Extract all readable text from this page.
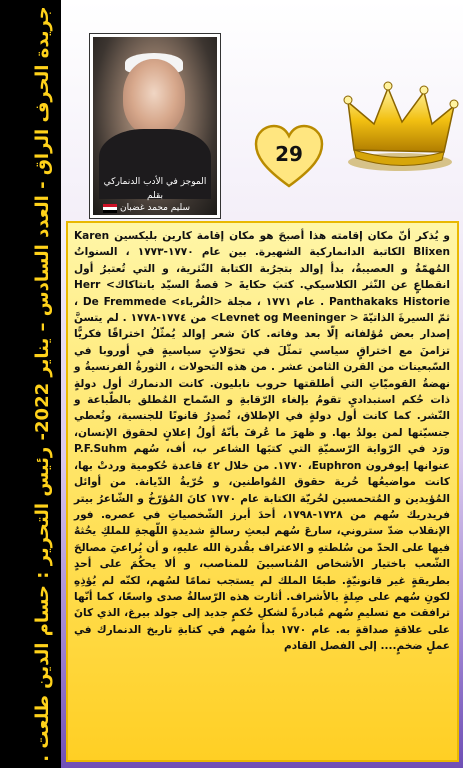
جريدة الحرف الراق - العدد السادس – يناير 2022- رئيس التحرير : حسام الدين طلعت .	الموجز في الأدب الدنماركي
بقلم
سليم محمد غضبان
29
و يُذكر أنّ مكان إقامته هذا أصبحَ هو مكان إقامة كارين بليكسين Karen Blixen الكاتبة الدانماركية الشهيرة. بين عام ١٧٧٠-١٧٧٣ ، السنواتُ المُهمّةُ و العصيبةُ، بدأ إوالد بتجرُبة الكتابة النّثرية، و التي تُعتبرُ أول انقطاعٍ عن النّثر الكلاسيكي. كتبَ حكايةَ < قصةُ السيّد بانتاكاك> Herr Panthakaks Historie . عام ١٧٧١ ، مجلة <الغُرباء> De Fremmede ، ثمّ السيرةَ الذاتيّةَ < Levnet og Meeninger> من ١٧٧٤-١٧٧٨ . لم يتسنَّ إصدار بعض مُؤلفاته إلّا بعد وفاته. كانَ شعر إوالد يُمثّلُ اختراقًا فكريًّا تزامنَ مع اختراقٍ سياسي تمثّلَ في تحوّلاتٍ سياسيةٍ في أوروبا في السّبعينات من القرن الثامن عشر . من هذه التحولات ، الثورةُ الفرنسيةُ و نهضةُ القوميّاتِ التي أطلقتها حروب نابليون. كانت الدنمارك أول دولةٍ ذات حُكم استبداديِ تقومُ بإلغاء الرّقابةِ و السّماح المُطلق بالطّباعة و النّشر. كما كانت أول دولةٍ في الإطلاق، تُصدِرُ قانونًا للجنسية، وتُعطي جنسيّتها لمن يولدُ بها. و ظهرَ ما عُرفَ بأنّهُ أولُ إعلانٍ لحقوق الإنسان، ورَد في الرّواية الرّسميّةِ التي كتبَها الشاعر ب، أف، سُهم P.F.Suhm عنوانها إيوفرون Euphron، ١٧٧٠. من خلال ٤٢ قاعدة حُكومية وردتْ بها، كانت مواضيعُها حُرية حقوق المُواطنين، و حُرّيةُ الدّيانة. من أوائل المُؤيدين و المُتحمسين لحُريّة الكتابة عام ١٧٧٠ كانَ المُؤرّخُ و الشّاعرُ بيتر فريدريك سُهم من ١٧٢٨-١٧٩٨، أحدَ أبرز الشّخصياتِ في عصره. فور الإنقلاب ضدّ ستروني، سارعَ سُهم لبعثِ رسالةٍ شديدةِ اللّهجةِ للملكِ يحُثهُ فيها على الحدّ من سُلطتهِ و الاعتراف بقُدرة الله عليهِ، و أن يُراعيَ مصالحَ الشّعب باختيار الأشخاص المُناسبينَ للمناصب، و ألا يحكُمَ على أحدٍ بطريقةٍ غير قانونيّةٍ. طبعًا الملك لم يستجب تمامًا لسُهم، لكنّه لم يُؤذِهِ لكونِ سُهم على صِلةٍ بالأشراف. أثارت هذه الرّسالةُ صدى واسعًا، كما أنّها ترافقت مع تسليمِ سُهم مُبادرةً لشكلِ حُكمٍ جديد إلى جولد بيرغ، الذي كانَ على علاقةٍ صداقةٍ به. عام ١٧٧٠ بدأ سُهم في كتابةِ تاريخ الدنمارك في عملٍ ضخمٍ.... إلى الفصل القادم
